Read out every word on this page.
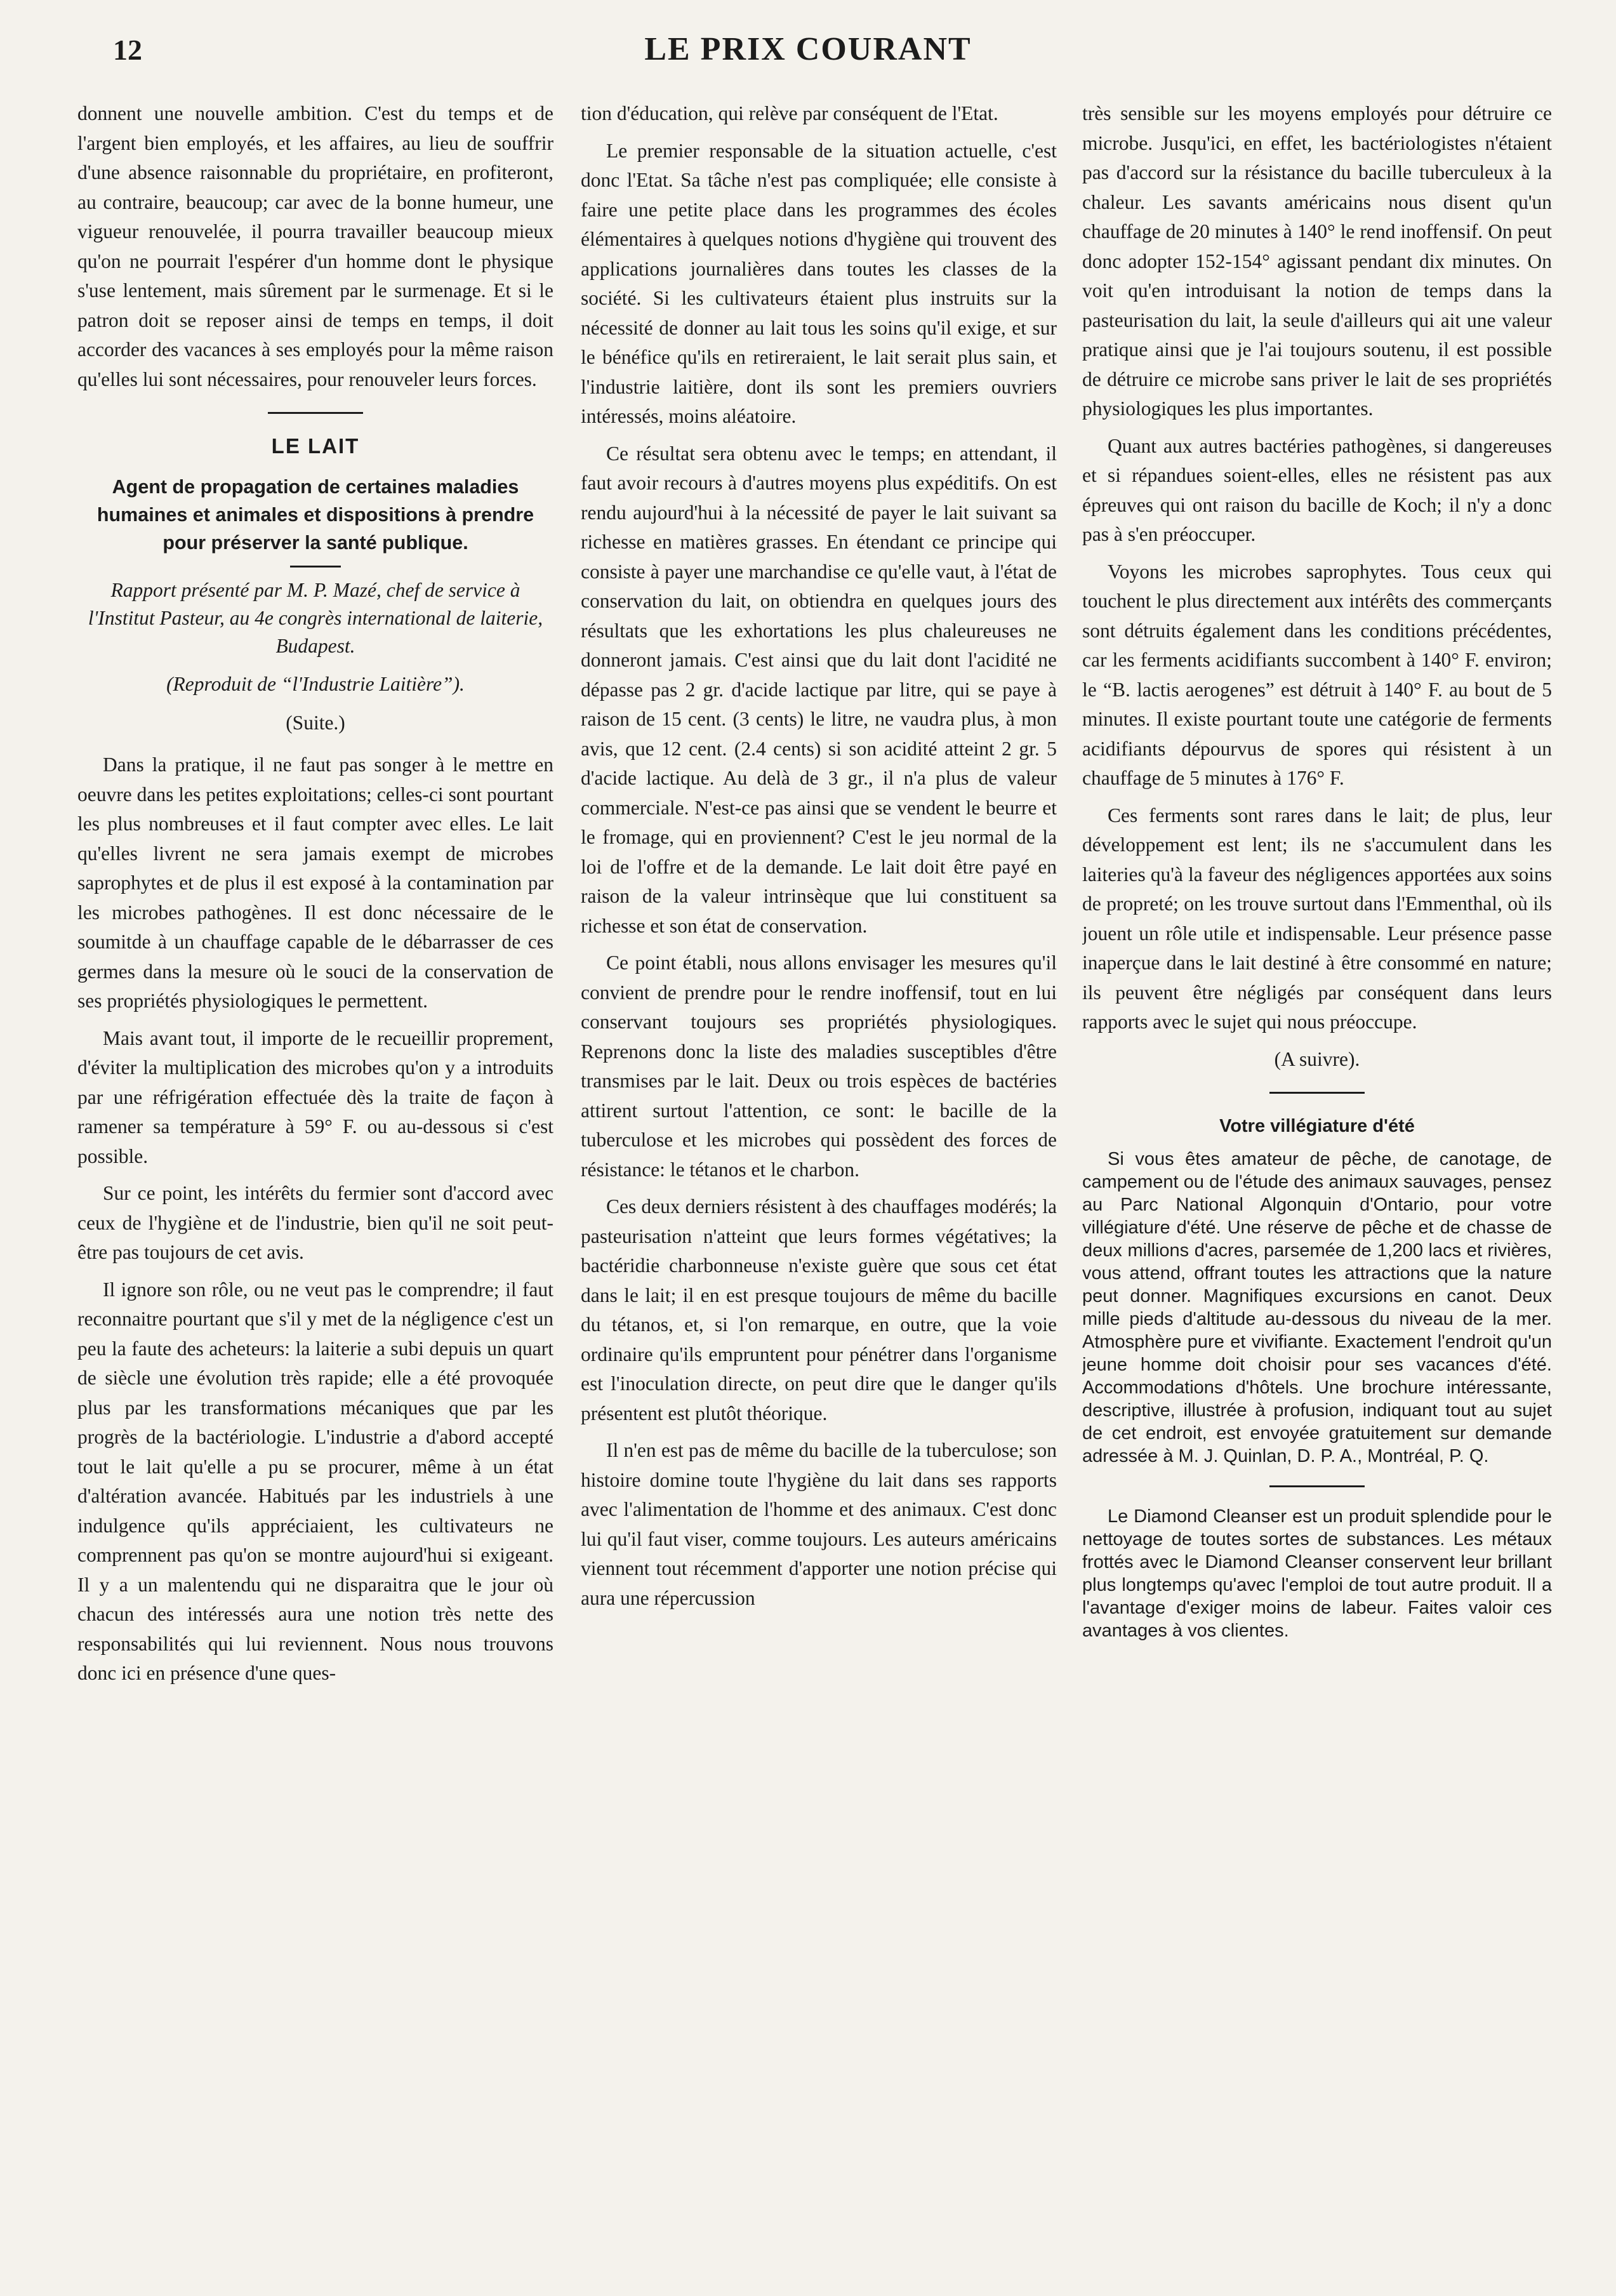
12	LE PRIX COURANT

donnent une nouvelle ambition. C'est du temps et de l'argent bien employés, et les affaires, au lieu de souffrir d'une absence raisonnable du propriétaire, en profiteront, au contraire, beaucoup; car avec de la bonne humeur, une vigueur renouvelée, il pourra travailler beaucoup mieux qu'on ne pourrait l'espérer d'un homme dont le physique s'use lentement, mais sûrement par le surmenage. Et si le patron doit se reposer ainsi de temps en temps, il doit accorder des vacances à ses employés pour la même raison qu'elles lui sont nécessaires, pour renouveler leurs forces.

LE LAIT
Agent de propagation de certaines maladies humaines et animales et dispositions à prendre pour préserver la santé publique.
Rapport présenté par M. P. Mazé, chef de service à l'Institut Pasteur, au 4e congrès international de laiterie, Budapest.
(Reproduit de “l'Industrie Laitière”).
(Suite.)

Dans la pratique, il ne faut pas songer à le mettre en oeuvre dans les petites exploitations; celles-ci sont pourtant les plus nombreuses et il faut compter avec elles. Le lait qu'elles livrent ne sera jamais exempt de microbes saprophytes et de plus il est exposé à la contamination par les microbes pathogènes. Il est donc nécessaire de le soumitde à un chauffage capable de le débarrasser de ces germes dans la mesure où le souci de la conservation de ses propriétés physiologiques le permettent.

Mais avant tout, il importe de le recueillir proprement, d'éviter la multiplication des microbes qu'on y a introduits par une réfrigération effectuée dès la traite de façon à ramener sa température à 59° F. ou au-dessous si c'est possible.

Sur ce point, les intérêts du fermier sont d'accord avec ceux de l'hygiène et de l'industrie, bien qu'il ne soit peut-être pas toujours de cet avis.

Il ignore son rôle, ou ne veut pas le comprendre; il faut reconnaitre pourtant que s'il y met de la négligence c'est un peu la faute des acheteurs: la laiterie a subi depuis un quart de siècle une évolution très rapide; elle a été provoquée plus par les transformations mécaniques que par les progrès de la bactériologie. L'industrie a d'abord accepté tout le lait qu'elle a pu se procurer, même à un état d'altération avancée. Habitués par les industriels à une indulgence qu'ils appréciaient, les cultivateurs ne comprennent pas qu'on se montre aujourd'hui si exigeant. Il y a un malentendu qui ne disparaitra que le jour où chacun des intéressés aura une notion très nette des responsabilités qui lui reviennent. Nous nous trouvons donc ici en présence d'une ques-

tion d'éducation, qui relève par conséquent de l'Etat.

Le premier responsable de la situation actuelle, c'est donc l'Etat. Sa tâche n'est pas compliquée; elle consiste à faire une petite place dans les programmes des écoles élémentaires à quelques notions d'hygiène qui trouvent des applications journalières dans toutes les classes de la société. Si les cultivateurs étaient plus instruits sur la nécessité de donner au lait tous les soins qu'il exige, et sur le bénéfice qu'ils en retireraient, le lait serait plus sain, et l'industrie laitière, dont ils sont les premiers ouvriers intéressés, moins aléatoire.

Ce résultat sera obtenu avec le temps; en attendant, il faut avoir recours à d'autres moyens plus expéditifs. On est rendu aujourd'hui à la nécessité de payer le lait suivant sa richesse en matières grasses. En étendant ce principe qui consiste à payer une marchandise ce qu'elle vaut, à l'état de conservation du lait, on obtiendra en quelques jours des résultats que les exhortations les plus chaleureuses ne donneront jamais. C'est ainsi que du lait dont l'acidité ne dépasse pas 2 gr. d'acide lactique par litre, qui se paye à raison de 15 cent. (3 cents) le litre, ne vaudra plus, à mon avis, que 12 cent. (2.4 cents) si son acidité atteint 2 gr. 5 d'acide lactique. Au delà de 3 gr., il n'a plus de valeur commerciale. N'est-ce pas ainsi que se vendent le beurre et le fromage, qui en proviennent? C'est le jeu normal de la loi de l'offre et de la demande. Le lait doit être payé en raison de la valeur intrinsèque que lui constituent sa richesse et son état de conservation.

Ce point établi, nous allons envisager les mesures qu'il convient de prendre pour le rendre inoffensif, tout en lui conservant toujours ses propriétés physiologiques. Reprenons donc la liste des maladies susceptibles d'être transmises par le lait. Deux ou trois espèces de bactéries attirent surtout l'attention, ce sont: le bacille de la tuberculose et les microbes qui possèdent des forces de résistance: le tétanos et le charbon.

Ces deux derniers résistent à des chauffages modérés; la pasteurisation n'atteint que leurs formes végétatives; la bactéridie charbonneuse n'existe guère que sous cet état dans le lait; il en est presque toujours de même du bacille du tétanos, et, si l'on remarque, en outre, que la voie ordinaire qu'ils empruntent pour pénétrer dans l'organisme est l'inoculation directe, on peut dire que le danger qu'ils présentent est plutôt théorique.

Il n'en est pas de même du bacille de la tuberculose; son histoire domine toute l'hygiène du lait dans ses rapports avec l'alimentation de l'homme et des animaux. C'est donc lui qu'il faut viser, comme toujours. Les auteurs américains viennent tout récemment d'apporter une notion précise qui aura une répercussion

très sensible sur les moyens employés pour détruire ce microbe. Jusqu'ici, en effet, les bactériologistes n'étaient pas d'accord sur la résistance du bacille tuberculeux à la chaleur. Les savants américains nous disent qu'un chauffage de 20 minutes à 140° le rend inoffensif. On peut donc adopter 152-154° agissant pendant dix minutes. On voit qu'en introduisant la notion de temps dans la pasteurisation du lait, la seule d'ailleurs qui ait une valeur pratique ainsi que je l'ai toujours soutenu, il est possible de détruire ce microbe sans priver le lait de ses propriétés physiologiques les plus importantes.

Quant aux autres bactéries pathogènes, si dangereuses et si répandues soient-elles, elles ne résistent pas aux épreuves qui ont raison du bacille de Koch; il n'y a donc pas à s'en préoccuper.

Voyons les microbes saprophytes. Tous ceux qui touchent le plus directement aux intérêts des commerçants sont détruits également dans les conditions précédentes, car les ferments acidifiants succombent à 140° F. environ; le “B. lactis aerogenes” est détruit à 140° F. au bout de 5 minutes. Il existe pourtant toute une catégorie de ferments acidifiants dépourvus de spores qui résistent à un chauffage de 5 minutes à 176° F.

Ces ferments sont rares dans le lait; de plus, leur développement est lent; ils ne s'accumulent dans les laiteries qu'à la faveur des négligences apportées aux soins de propreté; on les trouve surtout dans l'Emmenthal, où ils jouent un rôle utile et indispensable. Leur présence passe inaperçue dans le lait destiné à être consommé en nature; ils peuvent être négligés par conséquent dans leurs rapports avec le sujet qui nous préoccupe.

(A suivre).
Votre villégiature d'été

Si vous êtes amateur de pêche, de canotage, de campement ou de l'étude des animaux sauvages, pensez au Parc National Algonquin d'Ontario, pour votre villégiature d'été. Une réserve de pêche et de chasse de deux millions d'acres, parsemée de 1,200 lacs et rivières, vous attend, offrant toutes les attractions que la nature peut donner. Magnifiques excursions en canot. Deux mille pieds d'altitude au-dessous du niveau de la mer. Atmosphère pure et vivifiante. Exactement l'endroit qu'un jeune homme doit choisir pour ses vacances d'été. Accommodations d'hôtels. Une brochure intéressante, descriptive, illustrée à profusion, indiquant tout au sujet de cet endroit, est envoyée gratuitement sur demande adressée à M. J. Quinlan, D. P. A., Montréal, P. Q.

Le Diamond Cleanser est un produit splendide pour le nettoyage de toutes sortes de substances. Les métaux frottés avec le Diamond Cleanser conservent leur brillant plus longtemps qu'avec l'emploi de tout autre produit. Il a l'avantage d'exiger moins de labeur. Faites valoir ces avantages à vos clientes.
